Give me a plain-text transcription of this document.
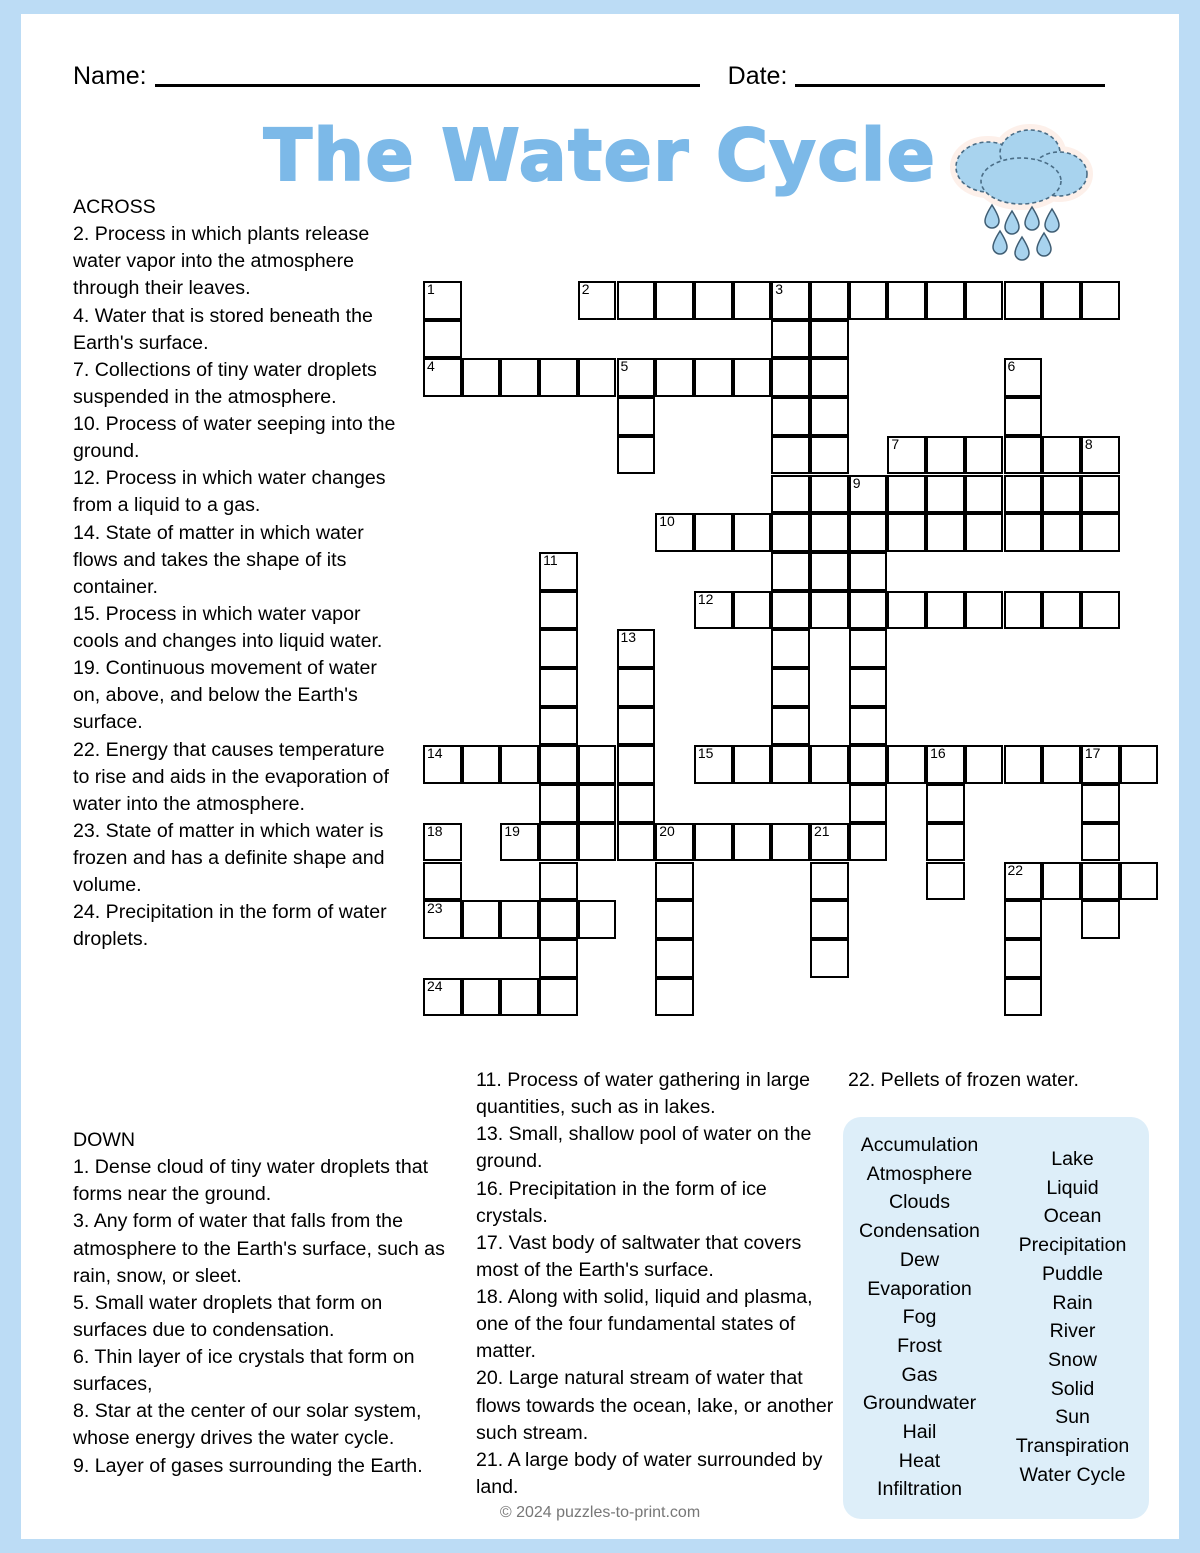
Name:	Date:
The Water Cycle
ACROSS
2. Process in which plants release water vapor into the atmosphere through their leaves.
4. Water that is stored beneath the Earth's surface.
7. Collections of tiny water droplets suspended in the atmosphere.
10. Process of water seeping into the ground.
12. Process in which water changes from a liquid to a gas.
14. State of matter in which water flows and takes the shape of its container.
15. Process in which water vapor cools and changes into liquid water.
19. Continuous movement of water on, above, and below the Earth's surface.
22. Energy that causes temperature to rise and aids in the evaporation of water into the atmosphere.
23. State of matter in which water is frozen and has a definite shape and volume.
24. Precipitation in the form of water droplets.
DOWN
1. Dense cloud of tiny water droplets that forms near the ground.
3. Any form of water that falls from the atmosphere to the Earth's surface, such as rain, snow, or sleet.
5. Small water droplets that form on surfaces due to condensation.
6. Thin layer of ice crystals that form on surfaces,
8. Star at the center of our solar system, whose energy drives the water cycle.
9. Layer of gases surrounding the Earth.
11. Process of water gathering in large quantities, such as in lakes.
13. Small, shallow pool of water on the ground.
16. Precipitation in the form of ice crystals.
17. Vast body of saltwater that covers most of the Earth's surface.
18. Along with solid, liquid and plasma, one of the four fundamental states of matter.
20. Large natural stream of water that flows towards the ocean, lake, or another such stream.
21. A large body of water surrounded by land.
22. Pellets of frozen water.
Accumulation
Atmosphere
Clouds
Condensation
Dew
Evaporation
Fog
Frost
Gas
Groundwater
Hail
Heat
Infiltration
Lake
Liquid
Ocean
Precipitation
Puddle
Rain
River
Snow
Solid
Sun
Transpiration
Water Cycle
1	2	3
4	5	6
7	8
9
10
11
12
13
14	15	16	17
18	19	20	21
22
23
24
© 2024 puzzles-to-print.com
